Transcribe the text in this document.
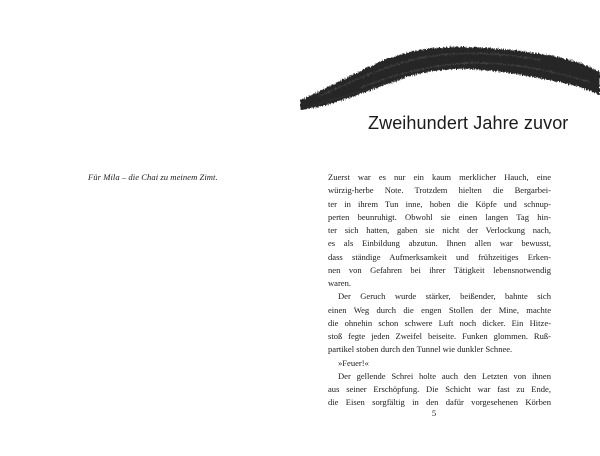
Für Mila – die Chai zu meinem Zimt.
Zweihundert Jahre zuvor
Zuerst war es nur ein kaum merklicher Hauch, eine
würzig-herbe Note. Trotzdem hielten die Bergarbei-
ter in ihrem Tun inne, hoben die Köpfe und schnup-
perten beunruhigt. Obwohl sie einen langen Tag hin-
ter sich hatten, gaben sie nicht der Verlockung nach,
es als Einbildung abzutun. Ihnen allen war bewusst,
dass ständige Aufmerksamkeit und frühzeitiges Erken-
nen von Gefahren bei ihrer Tätigkeit lebensnotwendig
waren.
Der Geruch wurde stärker, beißender, bahnte sich
einen Weg durch die engen Stollen der Mine, machte
die ohnehin schon schwere Luft noch dicker. Ein Hitze-
stoß fegte jeden Zweifel beiseite. Funken glommen. Ruß-
partikel stoben durch den Tunnel wie dunkler Schnee.
»Feuer!«
Der gellende Schrei holte auch den Letzten von ihnen
aus seiner Erschöpfung. Die Schicht war fast zu Ende,
die Eisen sorgfältig in den dafür vorgesehenen Körben
5
